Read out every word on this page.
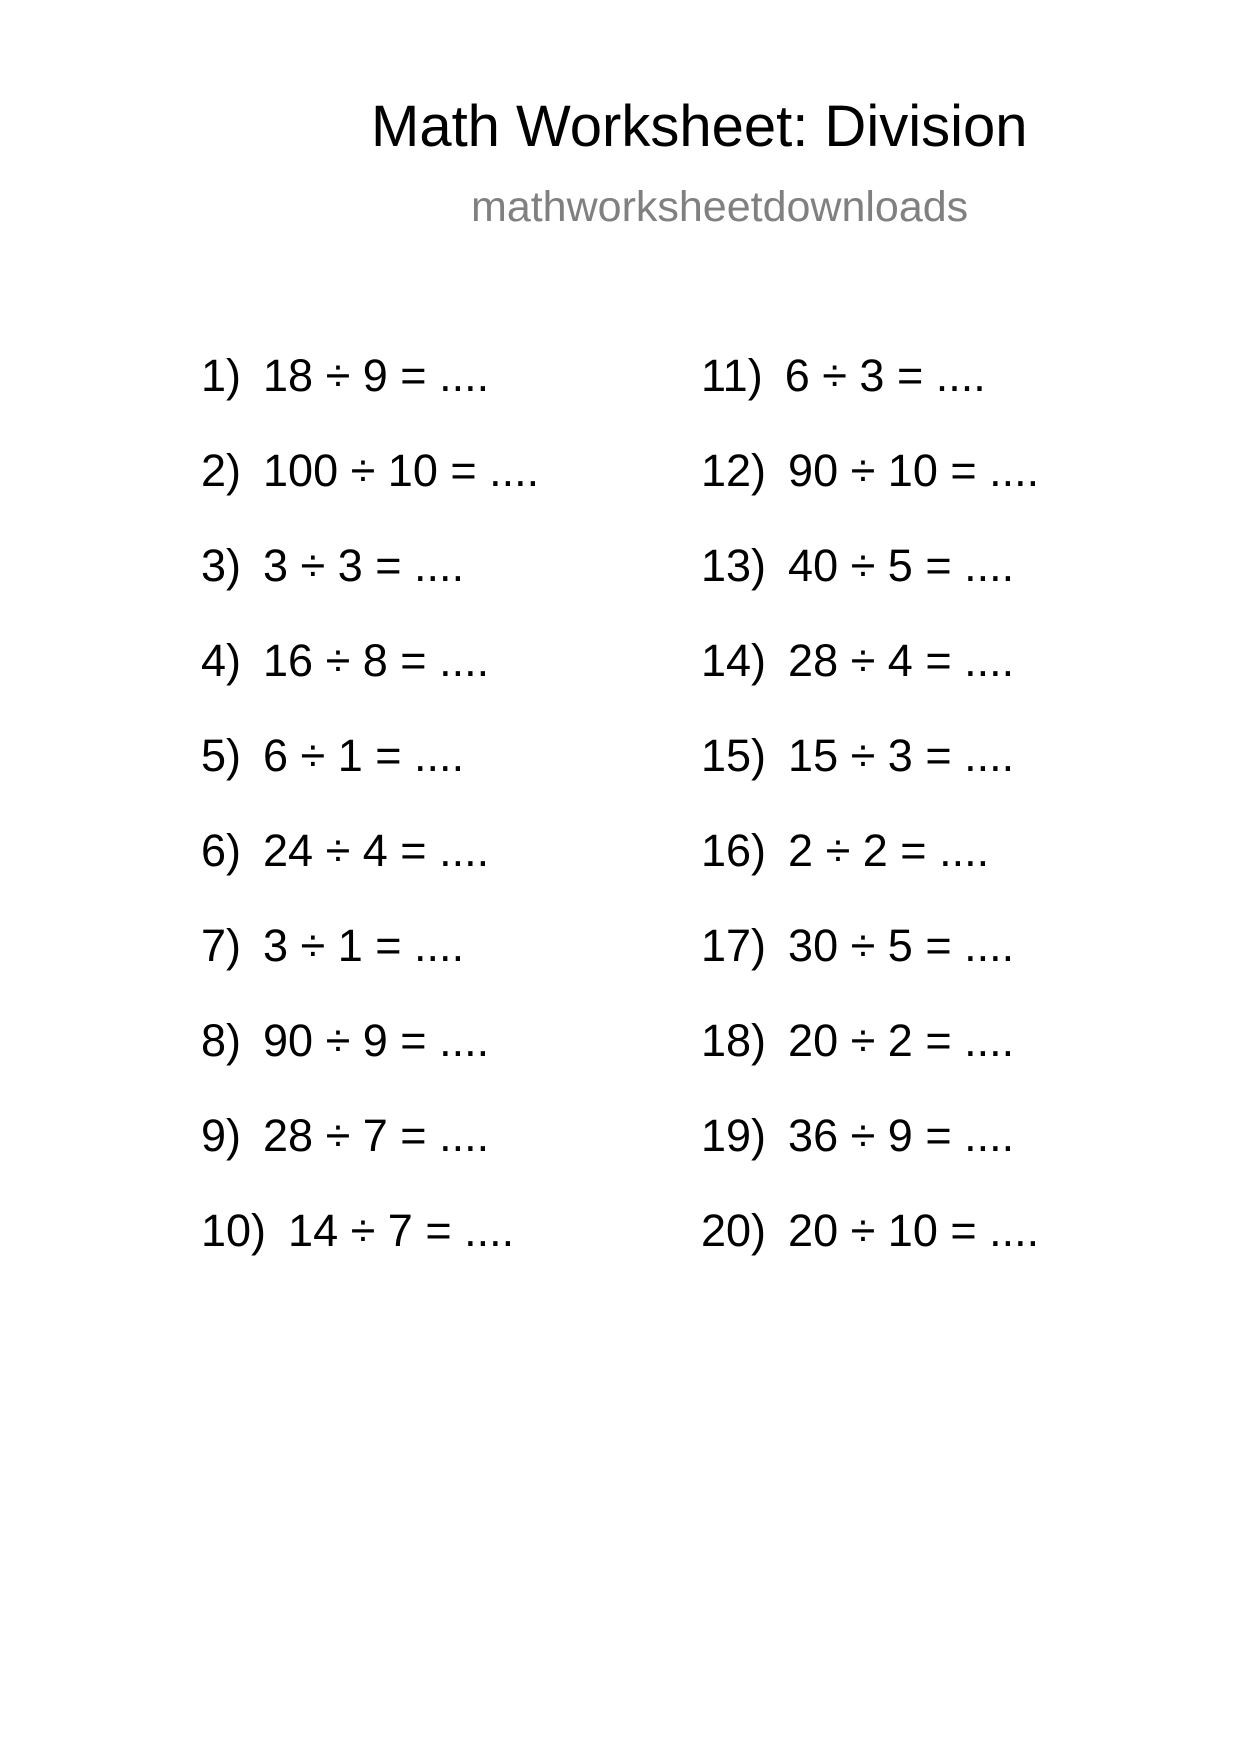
Math Worksheet: Division
mathworksheetdownloads
1) 18 ÷ 9 = ....
2) 100 ÷ 10 = ....
3) 3 ÷ 3 = ....
4) 16 ÷ 8 = ....
5) 6 ÷ 1 = ....
6) 24 ÷ 4 = ....
7) 3 ÷ 1 = ....
8) 90 ÷ 9 = ....
9) 28 ÷ 7 = ....
10) 14 ÷ 7 = ....
11) 6 ÷ 3 = ....
12) 90 ÷ 10 = ....
13) 40 ÷ 5 = ....
14) 28 ÷ 4 = ....
15) 15 ÷ 3 = ....
16) 2 ÷ 2 = ....
17) 30 ÷ 5 = ....
18) 20 ÷ 2 = ....
19) 36 ÷ 9 = ....
20) 20 ÷ 10 = ....
